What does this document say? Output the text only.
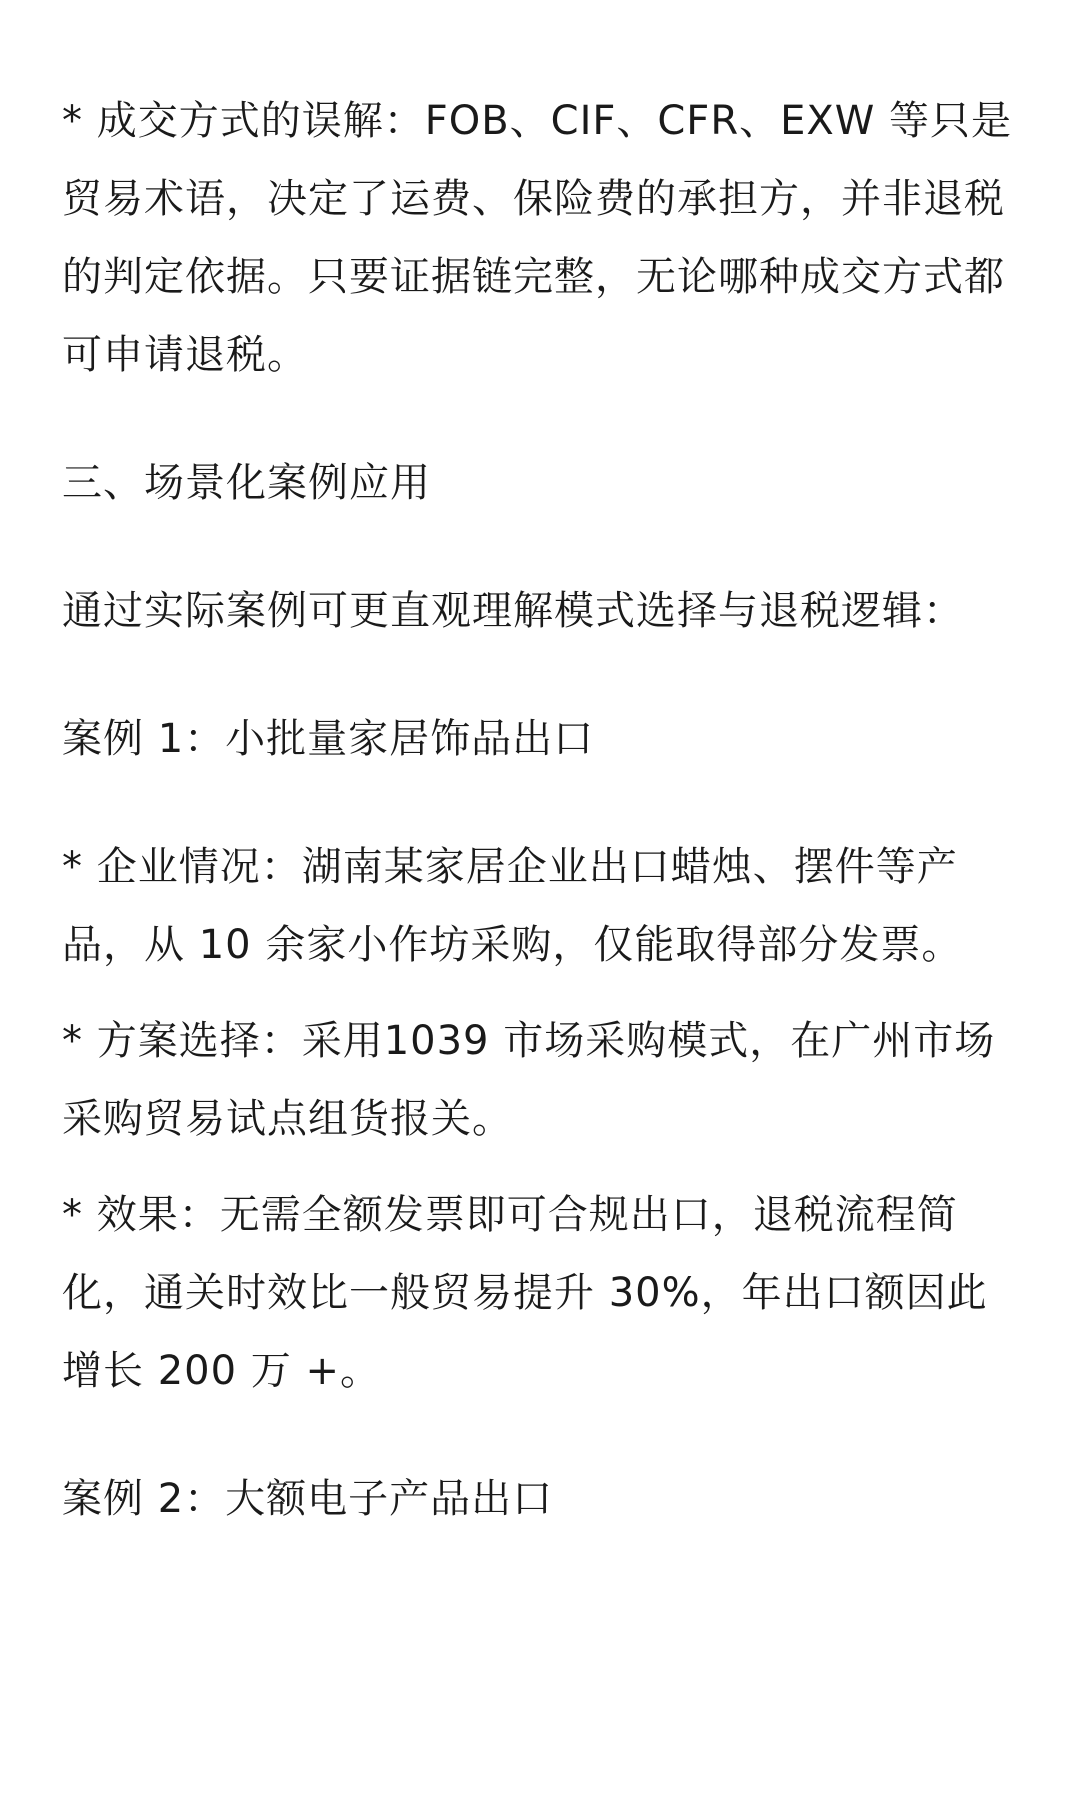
* 成交方式的误解：FOB、CIF、CFR、EXW 等只是贸易术语，决定了运费、保险费的承担方，并非退税的判定依据。只要证据链完整，无论哪种成交方式都可申请退税。

三、场景化案例应用

通过实际案例可更直观理解模式选择与退税逻辑：

案例 1：小批量家居饰品出口

* 企业情况：湖南某家居企业出口蜡烛、摆件等产品，从 10 余家小作坊采购，仅能取得部分发票。

* 方案选择：采用1039 市场采购模式，在广州市场采购贸易试点组货报关。

* 效果：无需全额发票即可合规出口，退税流程简化，通关时效比一般贸易提升 30%，年出口额因此增长 200 万 +。

案例 2：大额电子产品出口
